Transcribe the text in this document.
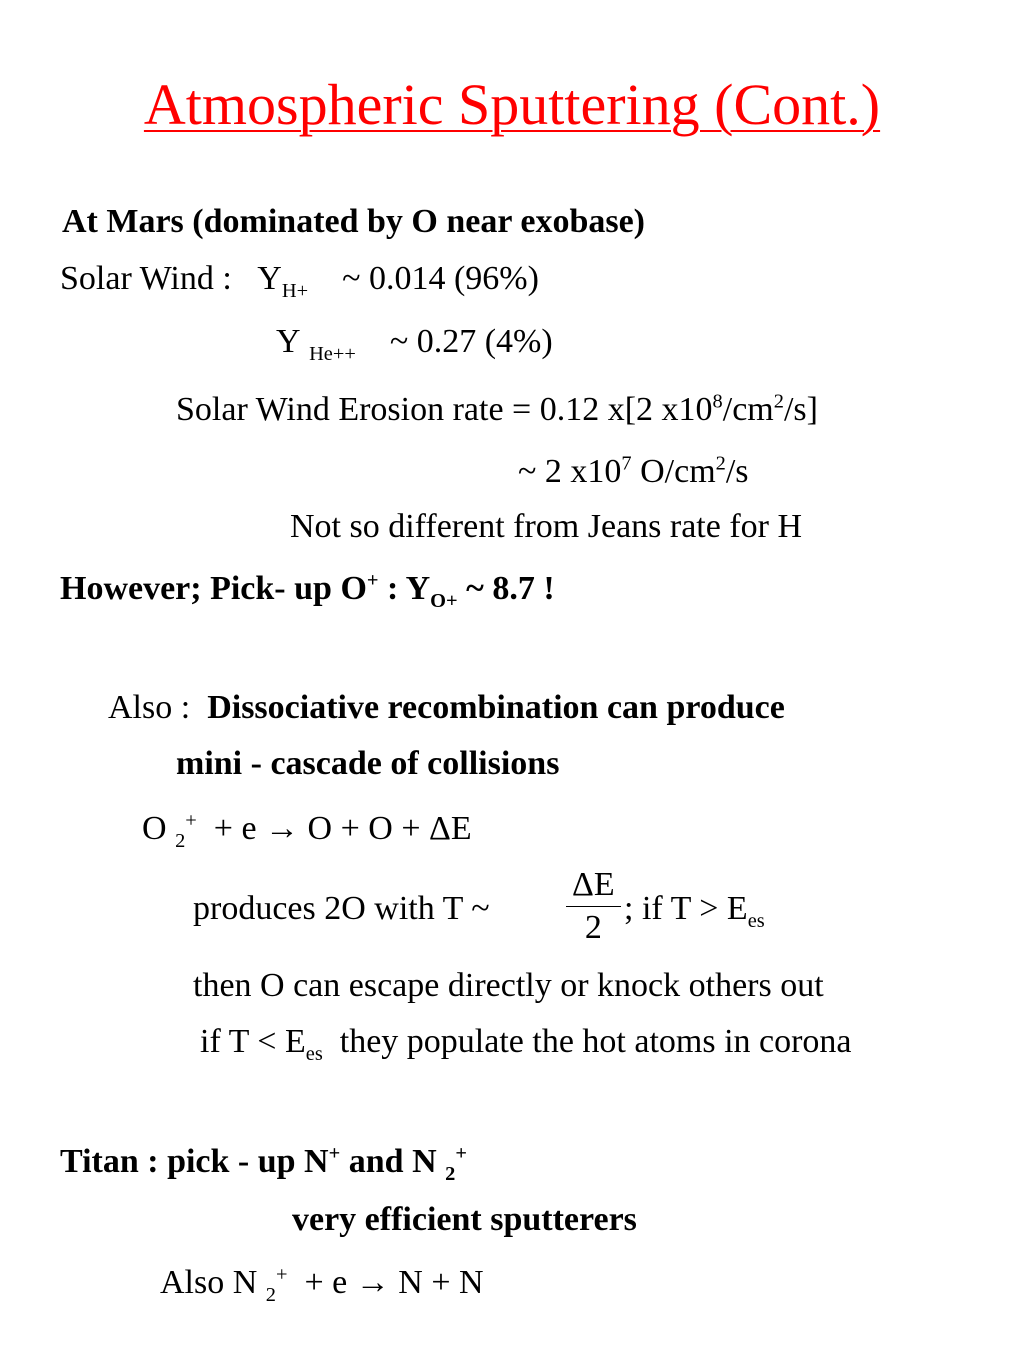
Atmospheric Sputtering (Cont.)
At Mars (dominated by O near exobase)
Solar Wind : $Y_{H+}$ ~ 0.014 (96%)
Y $_{He++}$ ~ 0.27 (4%)
Solar Wind Erosion rate = 0.12 x[2 $x10^8/cm^2/s$]
~ 2 $x10^7$ $O/cm^2/s$
Not so different from Jeans rate for H
However; Pick- up O+ : $Y_{O+}$ ~ 8.7 !
Also : Dissociative recombination can produce
mini - cascade of collisions
O $_2$+ + e → O + O + ΔE
produces 2O with T ~ $\frac{\Delta E}{2}$ ; if $T > E_{es}$
then O can escape directly or knock others out
if $T < E_{es}$ they populate the hot atoms in corona
Titan : pick - up N+ and N $_2$+
very efficient sputterers
Also N $_2$+ + e → N + N
